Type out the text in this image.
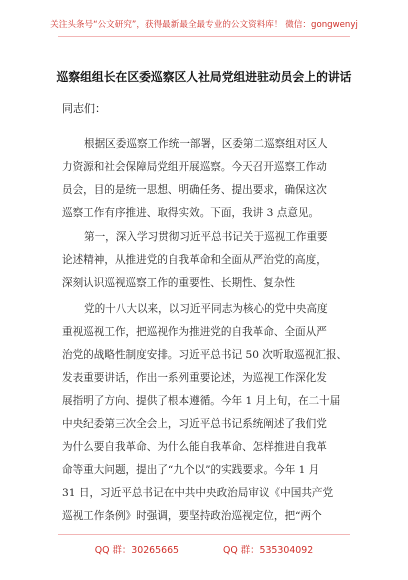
关注头条号“公文研究”，获得最新最全最专业的公文资料库！ 微信：gongwenyj
巡察组组长在区委巡察区人社局党组进驻动员会上的讲话
同志们：
根据区委巡察工作统一部署，区委第二巡察组对区人
力资源和社会保障局党组开展巡察。今天召开巡察工作动
员会，目的是统一思想、明确任务、提出要求，确保这次
巡察工作有序推进、取得实效。下面，我讲 3 点意见。
第一，深入学习贯彻习近平总书记关于巡视工作重要
论述精神，从推进党的自我革命和全面从严治党的高度，
深刻认识巡视巡察工作的重要性、长期性、复杂性
党的十八大以来，以习近平同志为核心的党中央高度
重视巡视工作，把巡视作为推进党的自我革命、全面从严
治党的战略性制度安排。习近平总书记 50 次听取巡视汇报、
发表重要讲话，作出一系列重要论述，为巡视工作深化发
展指明了方向、提供了根本遵循。今年 1 月上旬，在二十届
中央纪委第三次全会上，习近平总书记系统阐述了我们党
为什么要自我革命、为什么能自我革命、怎样推进自我革
命等重大问题，提出了“九个以”的实践要求。今年 1 月
31 日，习近平总书记在中共中央政治局审议《中国共产党
巡视工作条例》时强调，要坚持政治巡视定位，把“两个
QQ 群：30265665	QQ 群：535304092
